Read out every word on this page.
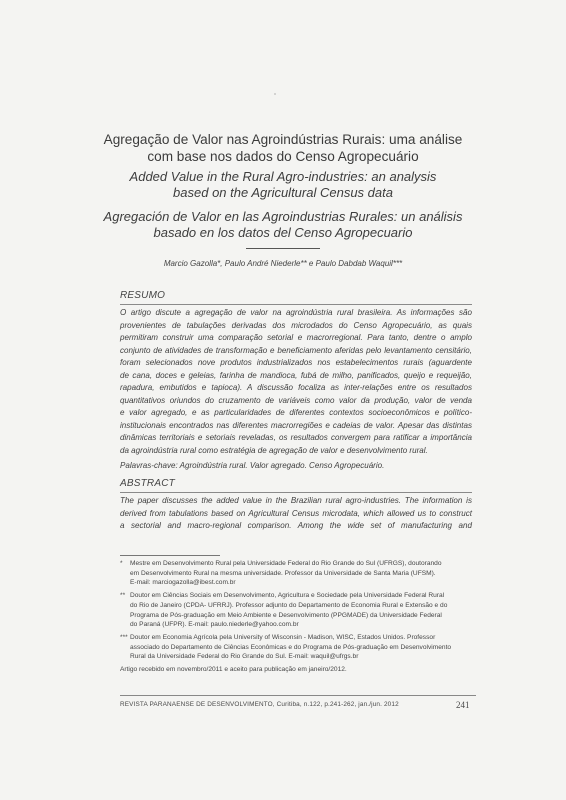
Agregação de Valor nas Agroindústrias Rurais: uma análise
com base nos dados do Censo Agropecuário
Added Value in the Rural Agro-industries: an analysis
based on the Agricultural Census data
Agregación de Valor en las Agroindustrias Rurales: un análisis
basado en los datos del Censo Agropecuario
Marcio Gazolla*, Paulo André Niederle** e Paulo Dabdab Waquil***
RESUMO
O artigo discute a agregação de valor na agroindústria rural brasileira. As informações são
provenientes de tabulações derivadas dos microdados do Censo Agropecuário, as quais
permitiram construir uma comparação setorial e macrorregional. Para tanto, dentre o amplo
conjunto de atividades de transformação e beneficiamento aferidas pelo levantamento censitário,
foram selecionados nove produtos industrializados nos estabelecimentos rurais (aguardente
de cana, doces e geleias, farinha de mandioca, fubá de milho, panificados, queijo e requeijão,
rapadura, embutidos e tapioca). A discussão focaliza as inter-relações entre os resultados
quantitativos oriundos do cruzamento de variáveis como valor da produção, valor de venda
e valor agregado, e as particularidades de diferentes contextos socioeconômicos e político-
institucionais encontrados nas diferentes macrorregiões e cadeias de valor. Apesar das distintas
dinâmicas territoriais e setoriais reveladas, os resultados convergem para ratificar a importância
da agroindústria rural como estratégia de agregação de valor e desenvolvimento rural.
Palavras-chave: Agroindústria rural. Valor agregado. Censo Agropecuário.
ABSTRACT
The paper discusses the added value in the Brazilian rural agro-industries. The information is
derived from tabulations based on Agricultural Census microdata, which allowed us to construct
a sectorial and macro-regional comparison. Among the wide set of manufacturing and
* Mestre em Desenvolvimento Rural pela Universidade Federal do Rio Grande do Sul (UFRGS), doutorando
em Desenvolvimento Rural na mesma universidade. Professor da Universidade de Santa Maria (UFSM).
E-mail: marciogazolla@ibest.com.br
** Doutor em Ciências Sociais em Desenvolvimento, Agricultura e Sociedade pela Universidade Federal Rural
do Rio de Janeiro (CPDA- UFRRJ). Professor adjunto do Departamento de Economia Rural e Extensão e do
Programa de Pós-graduação em Meio Ambiente e Desenvolvimento (PPGMADE) da Universidade Federal
do Paraná (UFPR). E-mail: paulo.niederle@yahoo.com.br
*** Doutor em Economia Agrícola pela University of Wisconsin - Madison, WISC, Estados Unidos. Professor
associado do Departamento de Ciências Econômicas e do Programa de Pós-graduação em Desenvolvimento
Rural da Universidade Federal do Rio Grande do Sul. E-mail: waquil@ufrgs.br
Artigo recebido em novembro/2011 e aceito para publicação em janeiro/2012.
REVISTA PARANAENSE DE DESENVOLVIMENTO, Curitiba, n.122, p.241-262, jan./jun. 2012	241
